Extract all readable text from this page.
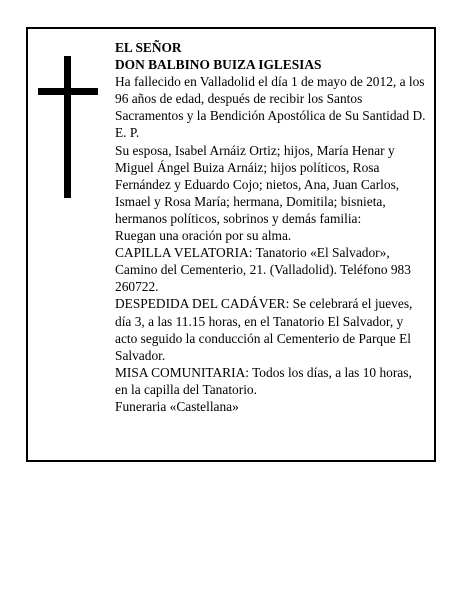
EL SEÑOR

DON BALBINO BUIZA IGLESIAS

Ha fallecido en Valladolid el día 1 de mayo de 2012, a los 96 años de edad, después de recibir los Santos Sacramentos y la Bendición Apostólica de Su Santidad D. E. P.

Su esposa, Isabel Arnáiz Ortiz; hijos, María Henar y Miguel Ángel Buiza Arnáiz; hijos políticos, Rosa Fernández y Eduardo Cojo; nietos, Ana, Juan Carlos, Ismael y Rosa María; hermana, Domitila; bisnieta, hermanos políticos, sobrinos y demás familia:

Ruegan una oración por su alma.

CAPILLA VELATORIA: Tanatorio «El Salvador», Camino del Cementerio, 21. (Valladolid). Teléfono 983 260722.

DESPEDIDA DEL CADÁVER: Se celebrará el jueves, día 3, a las 11.15 horas, en el Tanatorio El Salvador, y acto seguido la conducción al Cementerio de Parque El Salvador.

MISA COMUNITARIA: Todos los días, a las 10 horas, en la capilla del Tanatorio.

Funeraria «Castellana»
